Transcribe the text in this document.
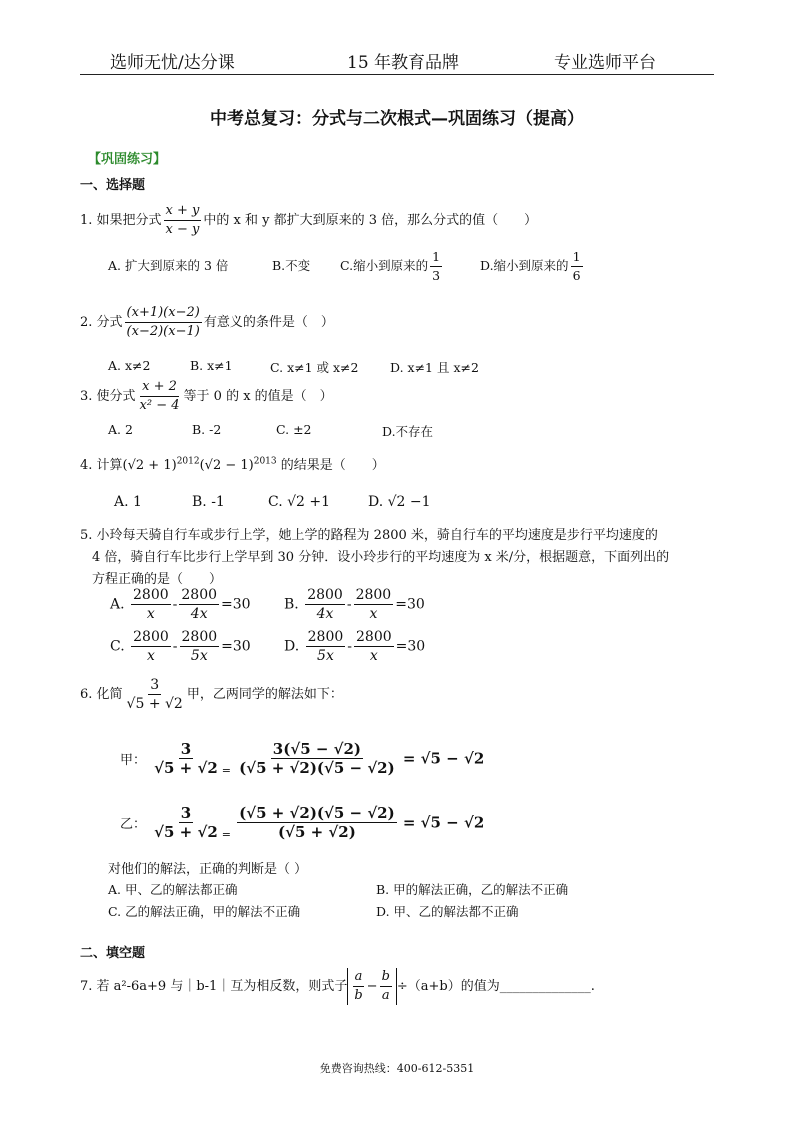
选师无忧/达分课	15 年教育品牌	专业选师平台
中考总复习：分式与二次根式—巩固练习（提高）
【巩固练习】
一、选择题
1. 如果把分式 $\frac{x + y}{x - y}$ 中的 x 和 y 都扩大到原来的 3 倍，那么分式的值（　　）
A. 扩大到原来的 3 倍	B.不变 C.缩小到原来的 $\frac{1}{3}$	D.缩小到原来的 $\frac{1}{6}$
2. 分式 $\frac{(x+1)(x-2)}{(x-2)(x-1)}$ 有意义的条件是（　）
A. x≠2	B. x≠1	C. x≠1 或 x≠2	D. x≠1 且 x≠2
3. 使分式 $\frac{x + 2}{\text{x² − 4}}$ 等于 0 的 x 的值是（　）
A. 2	B. -2	C. ±2	D.不存在
4. 计算$(√2 + 1)^{2012}(√2 - 1)^{2013}$ 的结果是（　　）
A. 1	B. -1	C. √2 +1	D. √2 −1
5. 小玲每天骑自行车或步行上学，她上学的路程为 2800 米，骑自行车的平均速度是步行平均速度的
4 倍，骑自行车比步行上学早到 30 分钟．设小玲步行的平均速度为 x 米/分，根据题意，下面列出的
方程正确的是（　　）
A. $\frac{2800}{x} - \frac{2800}{4x} =30$ B. $\frac{2800}{4x} - \frac{2800}{x} =30$
C. $\frac{2800}{x} - \frac{2800}{5x} =30$ D. $\frac{2800}{5x} - \frac{2800}{x} =30$
6. 化简 $\frac{3}{√5 + √2}$ 甲，乙两同学的解法如下：
甲： $\frac{3}{√5 + √2} = \frac{3(√5 - √2)}{(√5 + √2)(√5 - √2)} = √5 - √2$
乙： $\frac{3}{√5 + √2} = \frac{(√5 + √2)(√5 - √2)}{(√5 + √2)} = √5 - √2$
对他们的解法，正确的判断是（ ）
A. 甲、乙的解法都正确	B. 甲的解法正确，乙的解法不正确
C. 乙的解法正确，甲的解法不正确	D. 甲、乙的解法都不正确
二、填空题
7. 若 a²-6a+9 与｜b-1｜互为相反数，则式子 $\frac{a}{b} - \frac{b}{a} \div(a+b)$的值为______________.
免费咨询热线：400-612-5351
